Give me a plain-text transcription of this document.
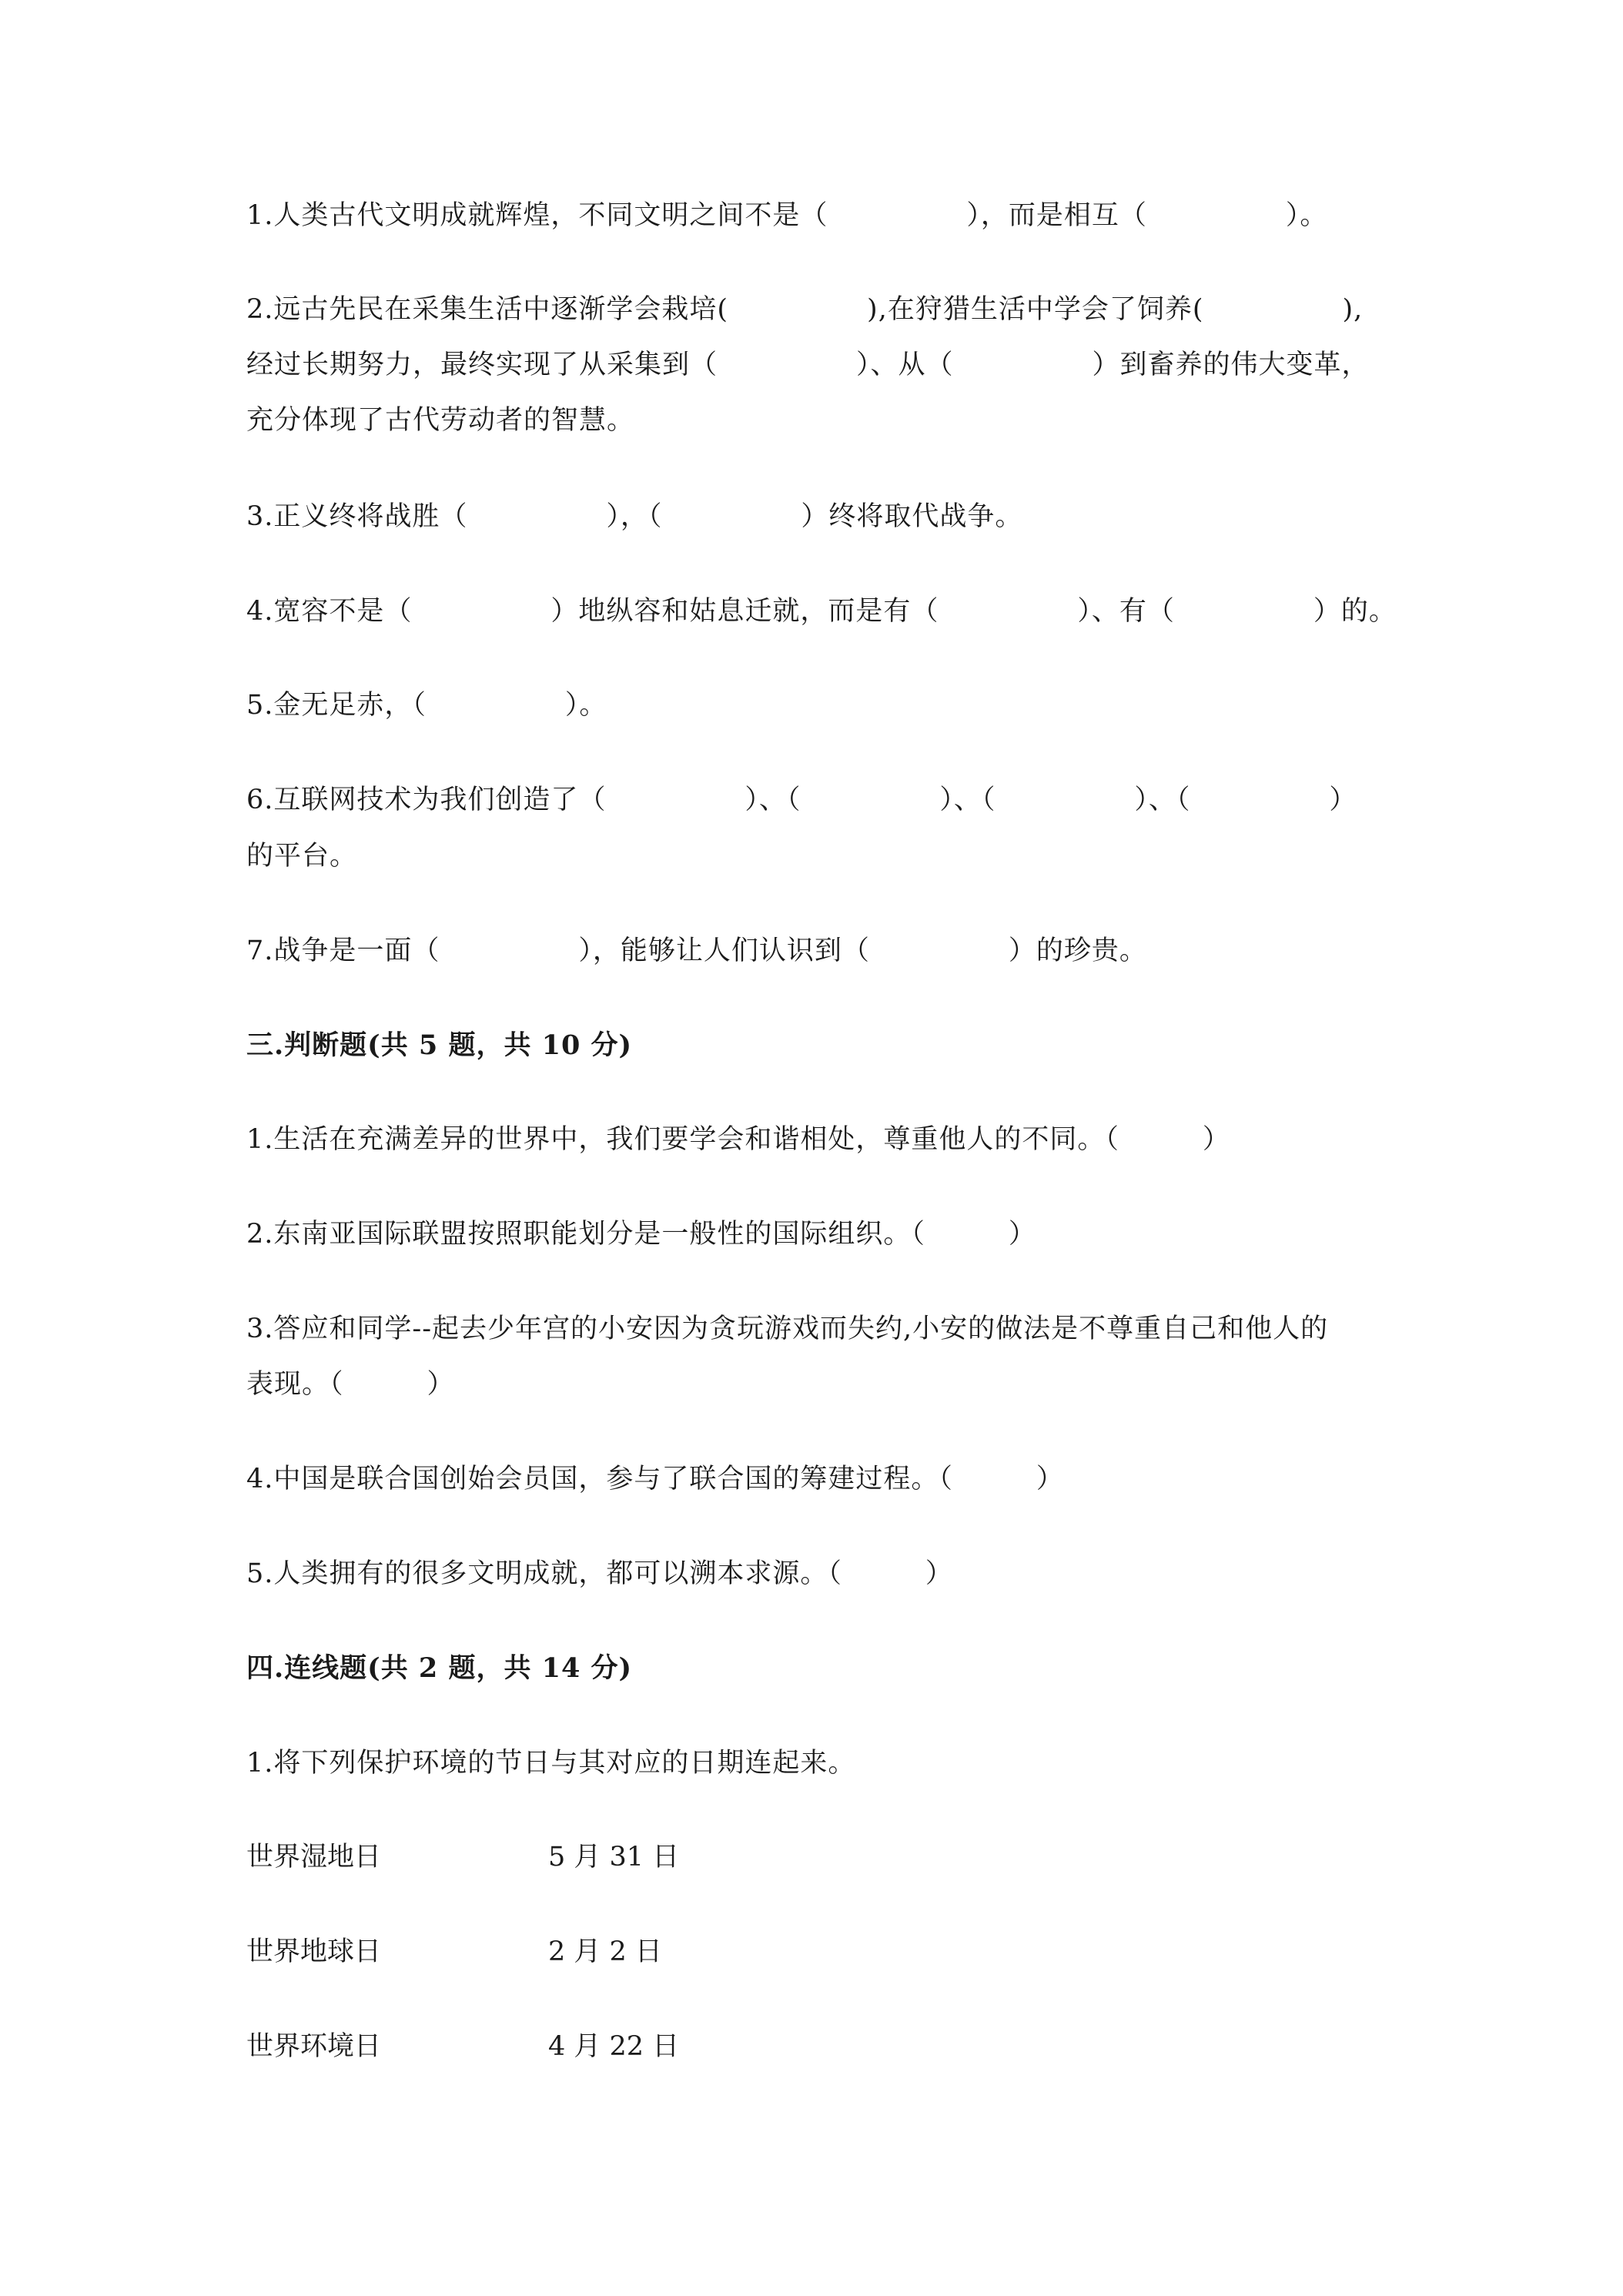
1.人类古代文明成就辉煌，不同文明之间不是（　　　　　），而是相互（　　　　　）。
2.远古先民在采集生活中逐渐学会栽培(　　　　　),在狩猎生活中学会了饲养(　　　　　),
经过长期努力，最终实现了从采集到（　　　　　）、从（　　　　　）到畜养的伟大变革，
充分体现了古代劳动者的智慧。
3.正义终将战胜（　　　　　），（　　　　　）终将取代战争。
4.宽容不是（　　　　　）地纵容和姑息迁就，而是有（　　　　　）、有（　　　　　）的。
5.金无足赤，（　　　　　）。
6.互联网技术为我们创造了（　　　　　）、（　　　　　）、（　　　　　）、（　　　　　）
的平台。
7.战争是一面（　　　　　），能够让人们认识到（　　　　　）的珍贵。
三.判断题(共 5 题，共 10 分)
1.生活在充满差异的世界中，我们要学会和谐相处，尊重他人的不同。（　　　）
2.东南亚国际联盟按照职能划分是一般性的国际组织。（　　　）
3.答应和同学--起去少年宫的小安因为贪玩游戏而失约,小安的做法是不尊重自己和他人的
表现。（　　　）
4.中国是联合国创始会员国，参与了联合国的筹建过程。（　　　）
5.人类拥有的很多文明成就，都可以溯本求源。（　　　）
四.连线题(共 2 题，共 14 分)
1.将下列保护环境的节日与其对应的日期连起来。
世界湿地日	5 月 31 日
世界地球日	2 月 2 日
世界环境日	4 月 22 日
